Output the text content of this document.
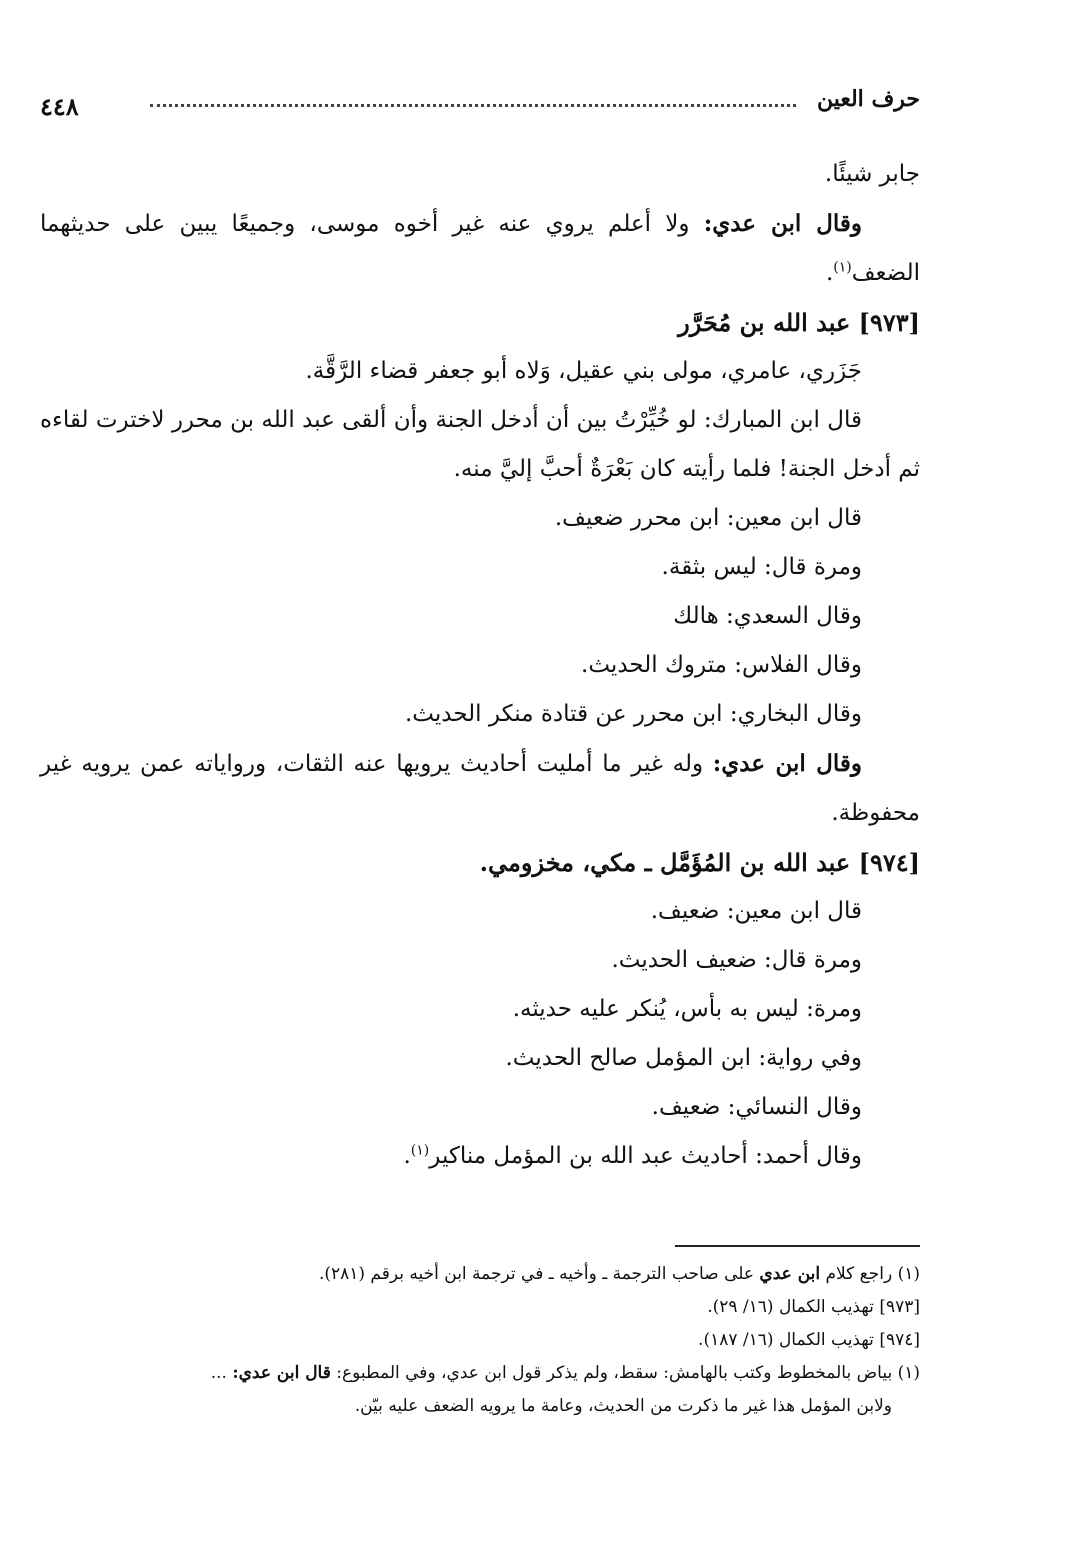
حرف العين
٤٤٨

جابر شيئًا.

وقال ابن عدي: ولا أعلم يروي عنه غير أخوه موسى، وجميعًا يبين على حديثهما الضعف$^{(١)}$.

[٩٧٣] عبد الله بن مُحَرَّر

جَزَري، عامري، مولى بني عقيل، وَلاه أبو جعفر قضاء الرَّقَّة.

قال ابن المبارك: لو خُيِّرْتُ بين أن أدخل الجنة وأن ألقى عبد الله بن محرر لاخترت لقاءه ثم أدخل الجنة! فلما رأيته كان بَعْرَةٌ أحبَّ إليَّ منه.

قال ابن معين: ابن محرر ضعيف.

ومرة قال: ليس بثقة.

وقال السعدي: هالك

وقال الفلاس: متروك الحديث.

وقال البخاري: ابن محرر عن قتادة منكر الحديث.

وقال ابن عدي: وله غير ما أمليت أحاديث يرويها عنه الثقات، ورواياته عمن يرويه غير محفوظة.

[٩٧٤] عبد الله بن المُؤَمَّل ـ مكي، مخزومي.

قال ابن معين: ضعيف.

ومرة قال: ضعيف الحديث.

ومرة: ليس به بأس، يُنكر عليه حديثه.

وفي رواية: ابن المؤمل صالح الحديث.

وقال النسائي: ضعيف.

وقال أحمد: أحاديث عبد الله بن المؤمل مناكير$^{(١)}$.

(١) راجع كلام ابن عدي على صاحب الترجمة ـ وأخيه ـ في ترجمة ابن أخيه برقم (٢٨١).

[٩٧٣] تهذيب الكمال (١٦/ ٢٩).

[٩٧٤] تهذيب الكمال (١٦/ ١٨٧).

(١) بياض بالمخطوط وكتب بالهامش: سقط، ولم يذكر قول ابن عدي، وفي المطبوع: قال ابن عدي: ...

ولابن المؤمل هذا غير ما ذكرت من الحديث، وعامة ما يرويه الضعف عليه بيّن.
